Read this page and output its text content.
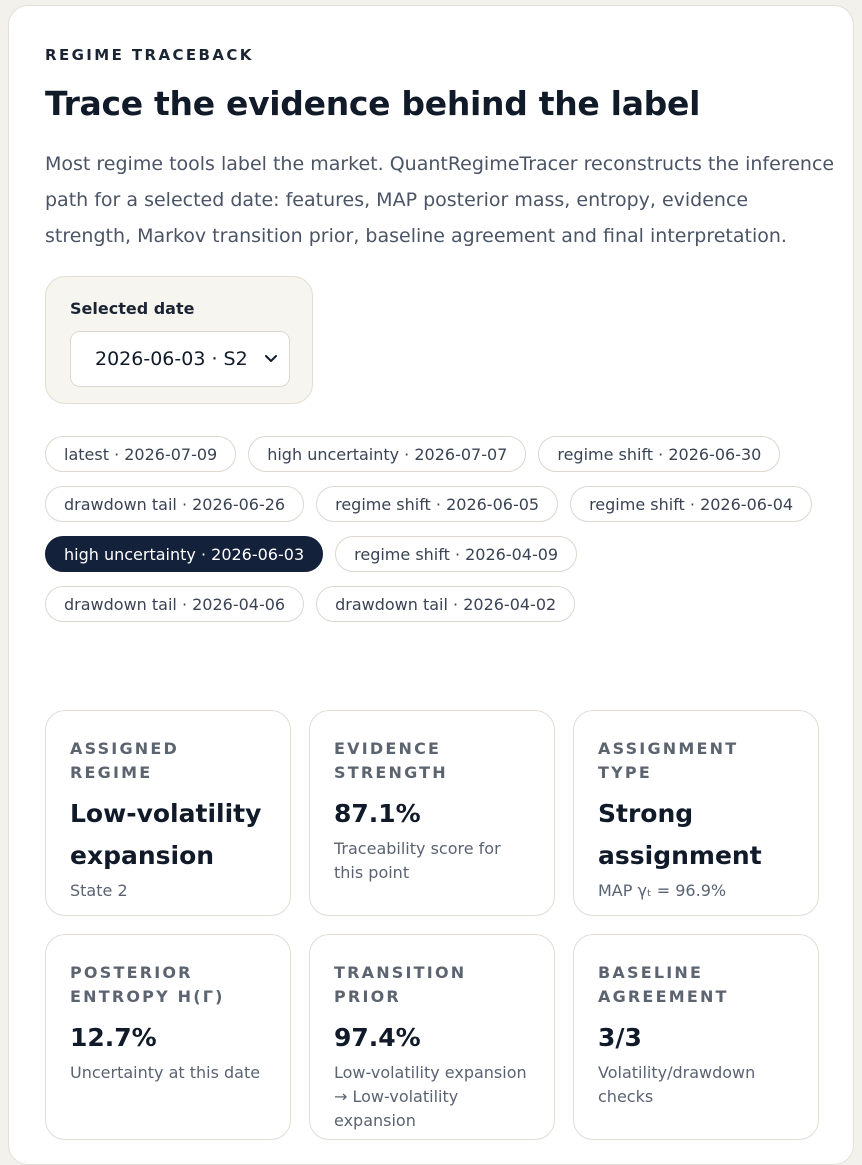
REGIME TRACEBACK
Trace the evidence behind the label

Most regime tools label the market. QuantRegimeTracer reconstructs the inference path for a selected date: features, MAP posterior mass, entropy, evidence strength, Markov transition prior, baseline agreement and final interpretation.

Selected date
2026-06-03 · S2
latest · 2026-07-09	high uncertainty · 2026-07-07	regime shift · 2026-06-30
drawdown tail · 2026-06-26	regime shift · 2026-06-05	regime shift · 2026-06-04
high uncertainty · 2026-06-03	regime shift · 2026-04-09
drawdown tail · 2026-04-06	drawdown tail · 2026-04-02
ASSIGNED REGIME
Low-volatility expansion
State 2
EVIDENCE STRENGTH
87.1%
Traceability score for this point
ASSIGNMENT TYPE
Strong assignment
MAP γₜ = 96.9%
POSTERIOR ENTROPY H(Γ)
12.7%
Uncertainty at this date
TRANSITION PRIOR
97.4%
Low-volatility expansion → Low-volatility expansion
BASELINE AGREEMENT
3/3
Volatility/drawdown checks
